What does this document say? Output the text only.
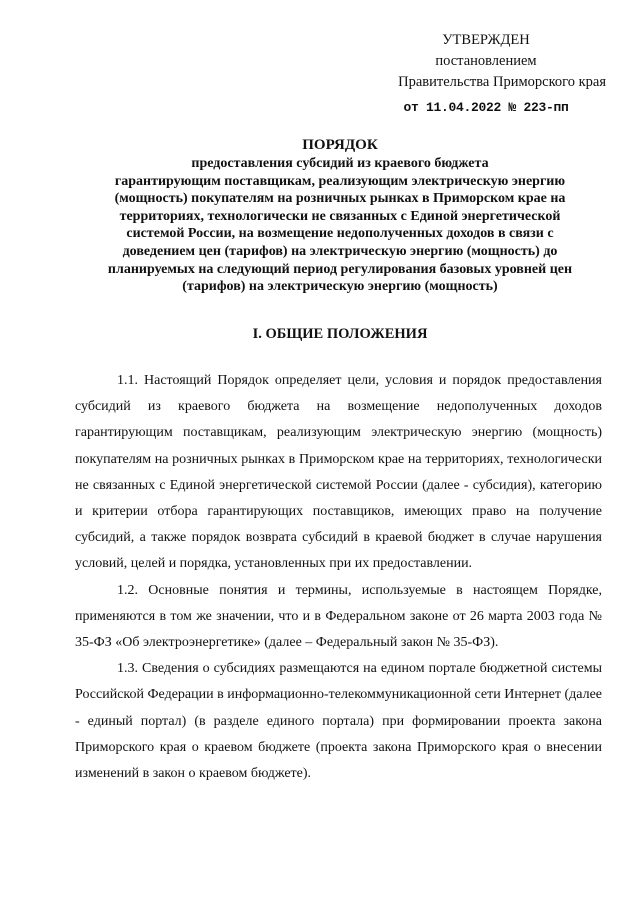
УТВЕРЖДЕН
постановлением
Правительства Приморского края
от 11.04.2022 № 223-пп
ПОРЯДОК
предоставления субсидий из краевого бюджета
гарантирующим поставщикам, реализующим электрическую энергию
(мощность) покупателям на розничных рынках в Приморском крае на
территориях, технологически не связанных с Единой энергетической
системой России, на возмещение недополученных доходов в связи с
доведением цен (тарифов) на электрическую энергию (мощность) до
планируемых на следующий период регулирования базовых уровней цен
(тарифов) на электрическую энергию (мощность)
I. ОБЩИЕ ПОЛОЖЕНИЯ

1.1. Настоящий Порядок определяет цели, условия и порядок предоставления субсидий из краевого бюджета на возмещение недополученных доходов гарантирующим поставщикам, реализующим электрическую энергию (мощность) покупателям на розничных рынках в Приморском крае на территориях, технологически не связанных с Единой энергетической системой России (далее - субсидия), категорию и критерии отбора гарантирующих поставщиков, имеющих право на получение субсидий, а также порядок возврата субсидий в краевой бюджет в случае нарушения условий, целей и порядка, установленных при их предоставлении.

1.2. Основные понятия и термины, используемые в настоящем Порядке, применяются в том же значении, что и в Федеральном законе от 26 марта 2003 года № 35-ФЗ «Об электроэнергетике» (далее – Федеральный закон № 35-ФЗ).

1.3. Сведения о субсидиях размещаются на едином портале бюджетной системы Российской Федерации в информационно-телекоммуникационной сети Интернет (далее - единый портал) (в разделе единого портала) при формировании проекта закона Приморского края о краевом бюджете (проекта закона Приморского края о внесении изменений в закон о краевом бюджете).
